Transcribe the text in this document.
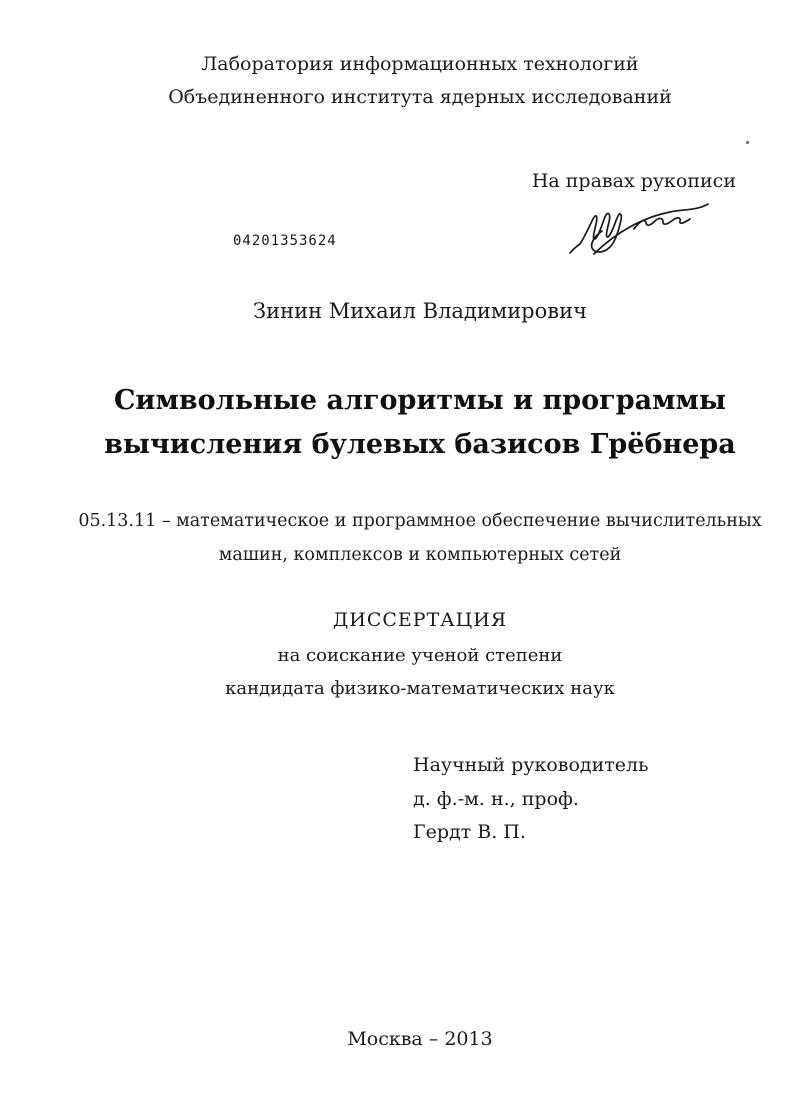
Лаборатория информационных технологий
Объединенного института ядерных исследований
На правах рукописи
04201353624
Зинин Михаил Владимирович
Символьные алгоритмы и программы
вычисления булевых базисов Грёбнера
05.13.11 – математическое и программное обеспечение вычислительных
машин, комплексов и компьютерных сетей
ДИССЕРТАЦИЯ
на соискание ученой степени
кандидата физико-математических наук
Научный руководитель
д. ф.-м. н., проф.
Гердт В. П.
Москва – 2013
